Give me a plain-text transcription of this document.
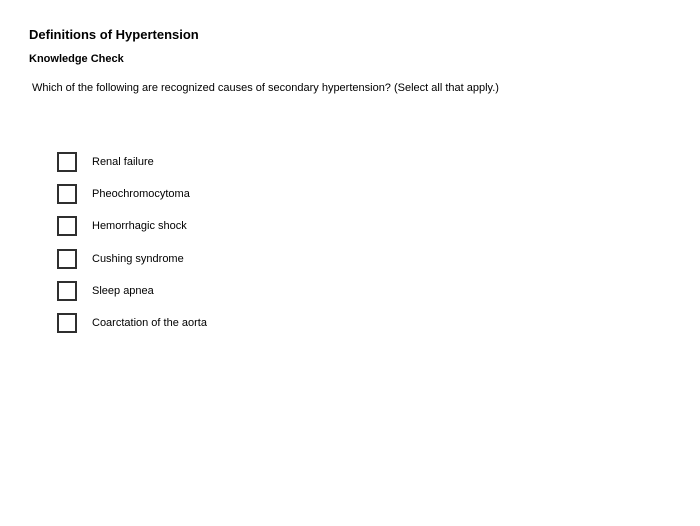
Definitions of Hypertension
Knowledge Check
Which of the following are recognized causes of secondary hypertension? (Select all that apply.)
Renal failure
Pheochromocytoma
Hemorrhagic shock
Cushing syndrome
Sleep apnea
Coarctation of the aorta
